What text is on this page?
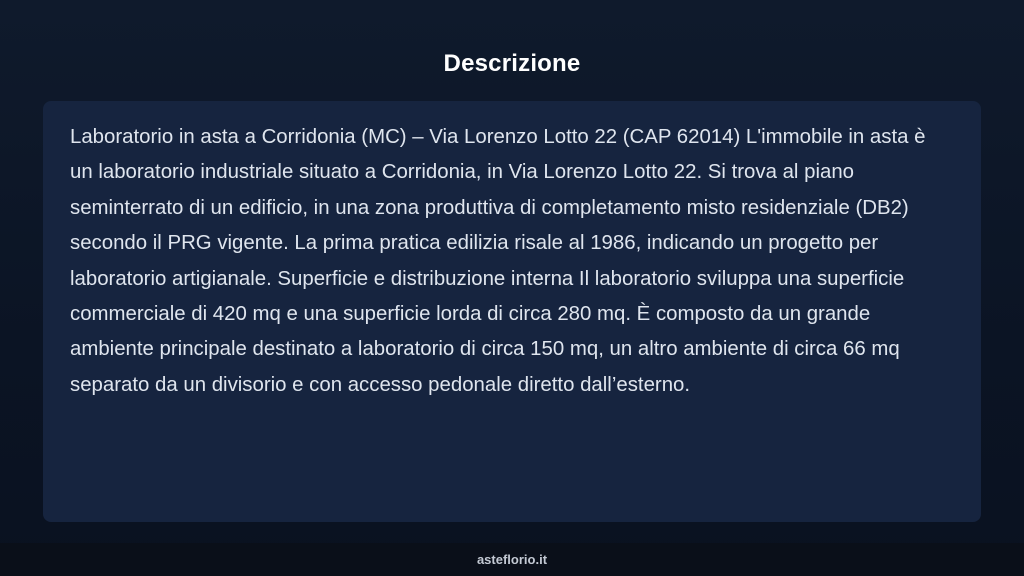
Descrizione

Laboratorio in asta a Corridonia (MC) – Via Lorenzo Lotto 22 (CAP 62014) L'immobile in asta è un laboratorio industriale situato a Corridonia, in Via Lorenzo Lotto 22. Si trova al piano seminterrato di un edificio, in una zona produttiva di completamento misto residenziale (DB2) secondo il PRG vigente. La prima pratica edilizia risale al 1986, indicando un progetto per laboratorio artigianale. Superficie e distribuzione interna Il laboratorio sviluppa una superficie commerciale di 420 mq e una superficie lorda di circa 280 mq. È composto da un grande ambiente principale destinato a laboratorio di circa 150 mq, un altro ambiente di circa 66 mq separato da un divisorio e con accesso pedonale diretto dall’esterno.

asteflorio.it
